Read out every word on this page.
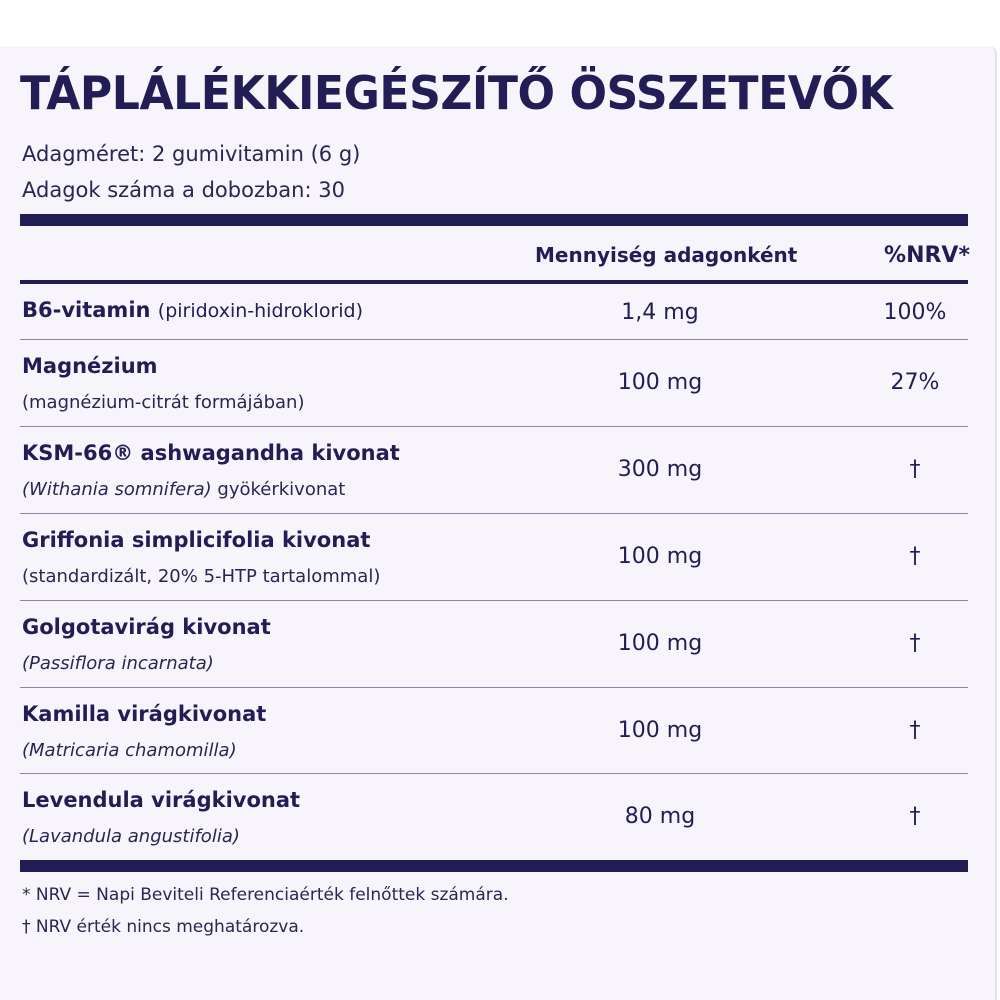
TÁPLÁLÉKKIEGÉSZÍTŐ ÖSSZETEVŐK
Adagméret: 2 gumivitamin (6 g)
Adagok száma a dobozban: 30
Mennyiség adagonként	%NRV*
B6-vitamin (piridoxin-hidroklorid)	1,4 mg	100%
Magnézium
(magnézium-citrát formájában)
100 mg	27%
KSM-66® ashwagandha kivonat
(Withania somnifera) gyökérkivonat
300 mg	†
Griffonia simplicifolia kivonat
(standardizált, 20% 5-HTP tartalommal)
100 mg	†
Golgotavirág kivonat
(Passiflora incarnata)
100 mg	†
Kamilla virágkivonat
(Matricaria chamomilla)
100 mg	†
Levendula virágkivonat
(Lavandula angustifolia)
80 mg	†
* NRV = Napi Beviteli Referenciaérték felnőttek számára.
† NRV érték nincs meghatározva.
